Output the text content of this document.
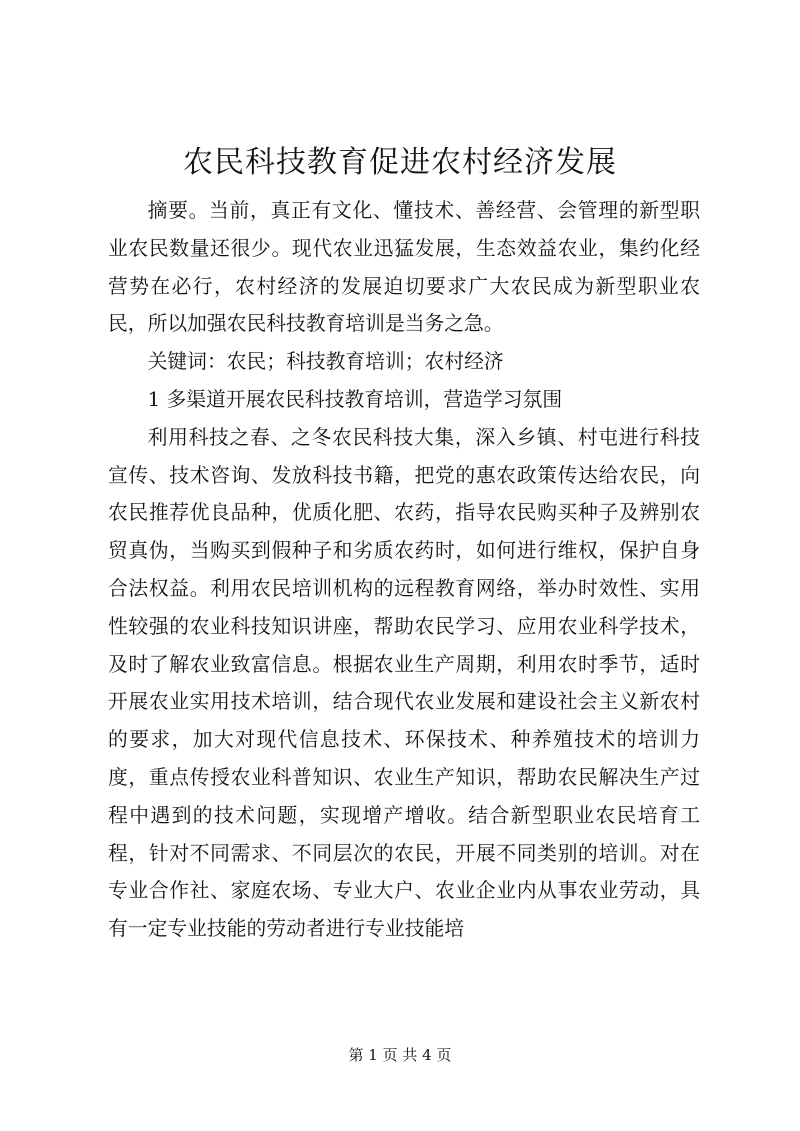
农民科技教育促进农村经济发展

摘要。当前，真正有文化、懂技术、善经营、会管理的新型职业农民数量还很少。现代农业迅猛发展，生态效益农业，集约化经营势在必行，农村经济的发展迫切要求广大农民成为新型职业农民，所以加强农民科技教育培训是当务之急。

关键词：农民；科技教育培训；农村经济

1 多渠道开展农民科技教育培训，营造学习氛围

利用科技之春、之冬农民科技大集，深入乡镇、村屯进行科技宣传、技术咨询、发放科技书籍，把党的惠农政策传达给农民，向农民推荐优良品种，优质化肥、农药，指导农民购买种子及辨别农贸真伪，当购买到假种子和劣质农药时，如何进行维权，保护自身合法权益。利用农民培训机构的远程教育网络，举办时效性、实用性较强的农业科技知识讲座，帮助农民学习、应用农业科学技术，及时了解农业致富信息。根据农业生产周期，利用农时季节，适时开展农业实用技术培训，结合现代农业发展和建设社会主义新农村的要求，加大对现代信息技术、环保技术、种养殖技术的培训力度，重点传授农业科普知识、农业生产知识，帮助农民解决生产过程中遇到的技术问题，实现增产增收。结合新型职业农民培育工程，针对不同需求、不同层次的农民，开展不同类别的培训。对在专业合作社、家庭农场、专业大户、农业企业内从事农业劳动，具有一定专业技能的劳动者进行专业技能培

第 1 页 共 4 页
